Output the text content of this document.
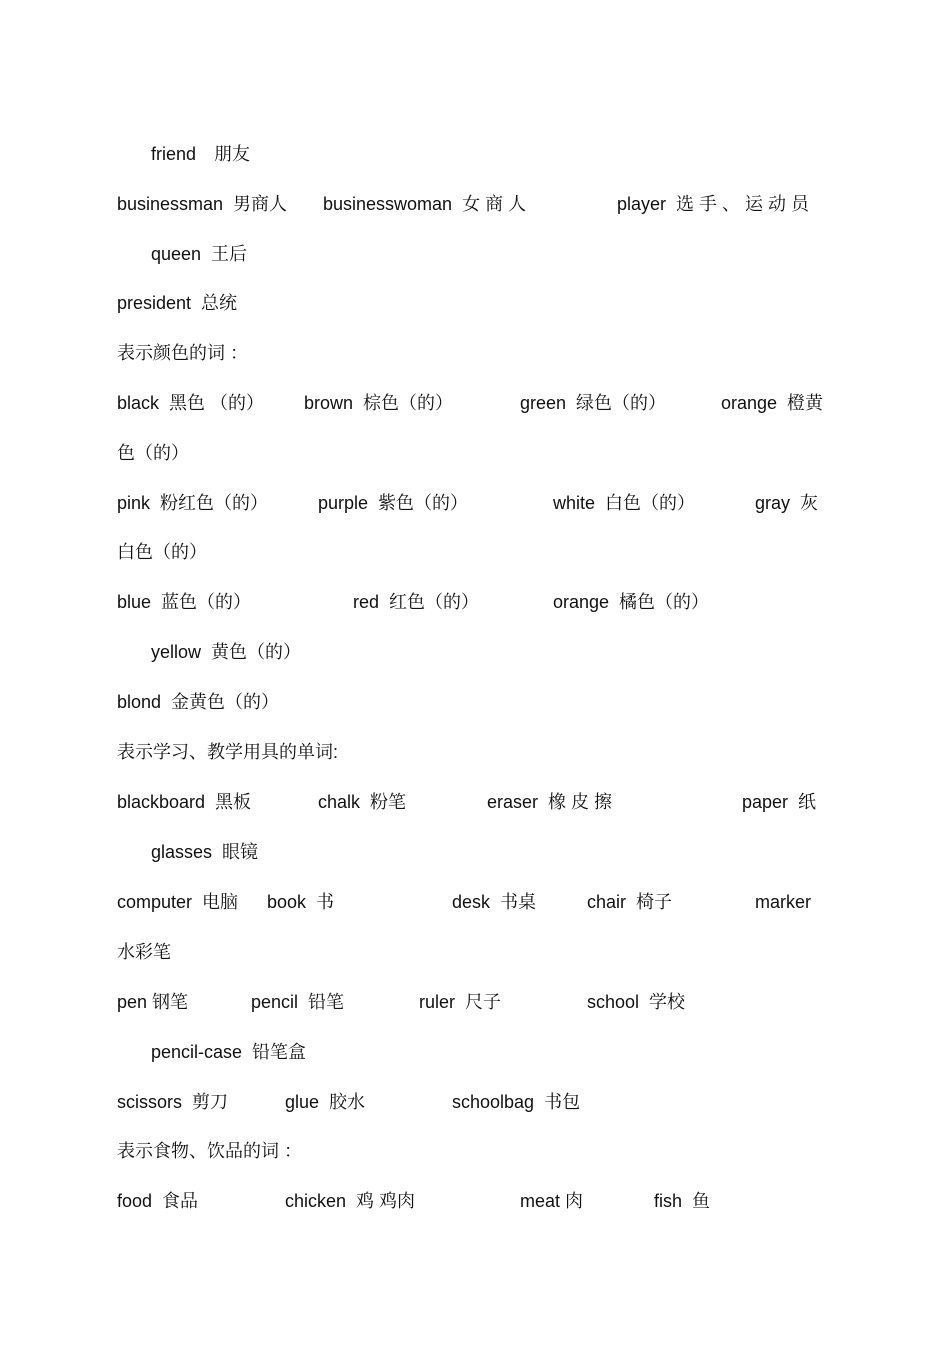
friend　朋友
businessman  男商人 businesswoman  女 商 人	player  选 手 、 运 动 员
queen  王后
president  总统
表示颜色的词 ：
black  黑色 （的） brown  棕色（的）	green  绿色（的）	orange  橙黄
色（的）
pink  粉红色（的）	purple  紫色（的）	white  白色（的）	gray  灰
白色（的）
blue  蓝色（的）	red  红色（的）	orange  橘色（的）
yellow  黄色（的）
blond  金黄色（的）
表示学习、教学用具的单词:
blackboard  黑板	chalk  粉笔	eraser  橡 皮 擦	paper  纸
glasses  眼镜
computer  电脑 book  书	desk  书桌	chair  椅子	marker
水彩笔
pen 钢笔	pencil  铅笔	ruler  尺子	school  学校
pencil-case  铅笔盒
scissors  剪刀	glue  胶水	schoolbag  书包
表示食物、饮品的词 ：
food  食品	chicken  鸡 鸡肉	meat 肉	fish  鱼
